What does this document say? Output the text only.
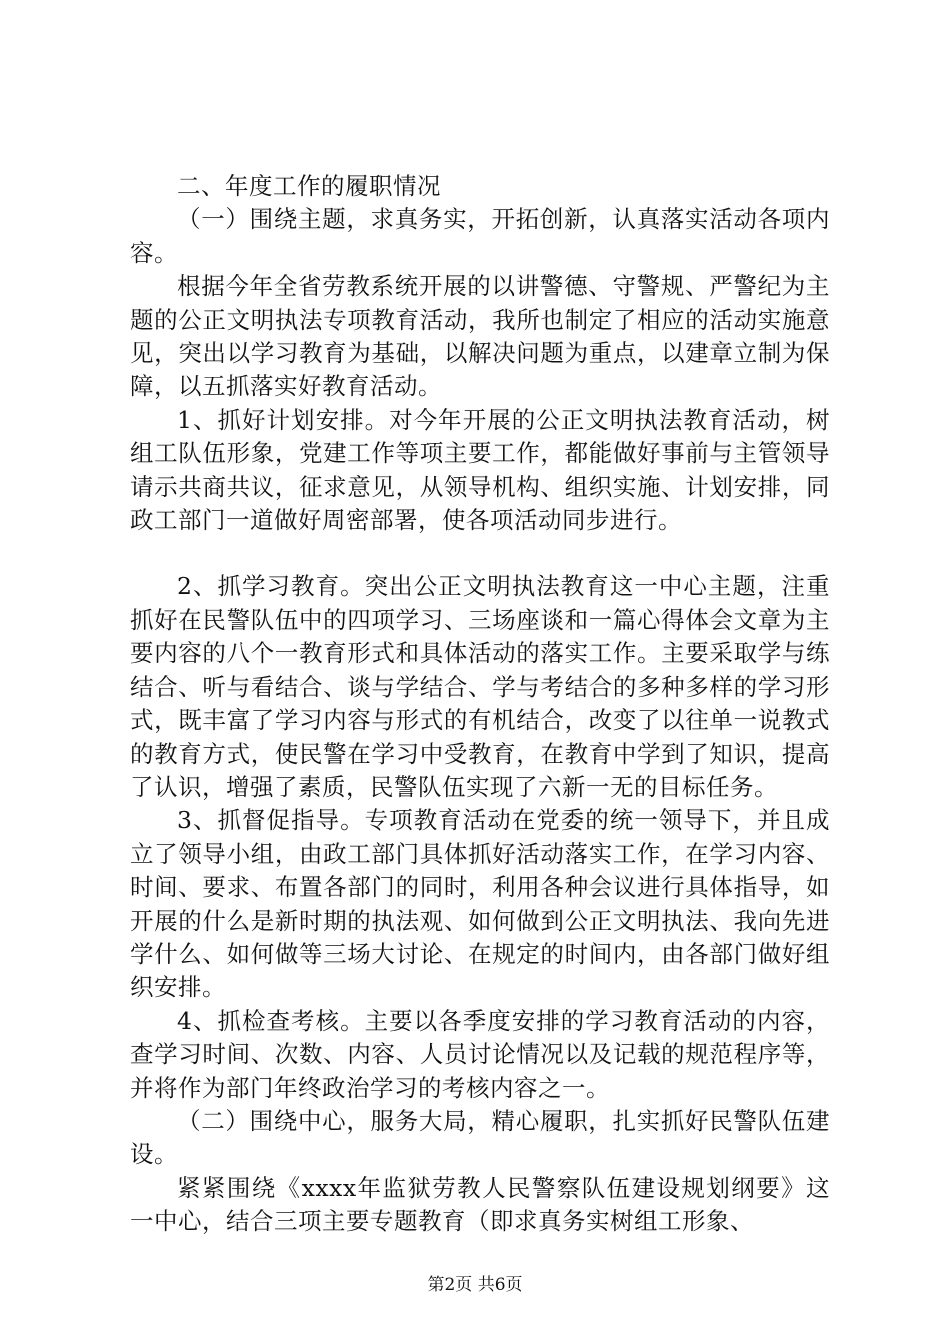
二、年度工作的履职情况

（一）围绕主题，求真务实，开拓创新，认真落实活动各项内容。

根据今年全省劳教系统开展的以讲警德、守警规、严警纪为主题的公正文明执法专项教育活动，我所也制定了相应的活动实施意见，突出以学习教育为基础，以解决问题为重点，以建章立制为保障，以五抓落实好教育活动。

1、抓好计划安排。对今年开展的公正文明执法教育活动，树组工队伍形象，党建工作等项主要工作，都能做好事前与主管领导请示共商共议，征求意见，从领导机构、组织实施、计划安排，同政工部门一道做好周密部署，使各项活动同步进行。

2、抓学习教育。突出公正文明执法教育这一中心主题，注重抓好在民警队伍中的四项学习、三场座谈和一篇心得体会文章为主要内容的八个一教育形式和具体活动的落实工作。主要采取学与练结合、听与看结合、谈与学结合、学与考结合的多种多样的学习形式，既丰富了学习内容与形式的有机结合，改变了以往单一说教式的教育方式，使民警在学习中受教育，在教育中学到了知识，提高了认识，增强了素质，民警队伍实现了六新一无的目标任务。

3、抓督促指导。专项教育活动在党委的统一领导下，并且成立了领导小组，由政工部门具体抓好活动落实工作，在学习内容、时间、要求、布置各部门的同时，利用各种会议进行具体指导，如开展的什么是新时期的执法观、如何做到公正文明执法、我向先进学什么、如何做等三场大讨论、在规定的时间内，由各部门做好组织安排。

4、抓检查考核。主要以各季度安排的学习教育活动的内容，查学习时间、次数、内容、人员讨论情况以及记载的规范程序等，并将作为部门年终政治学习的考核内容之一。

（二）围绕中心，服务大局，精心履职，扎实抓好民警队伍建设。

紧紧围绕《xxxx年监狱劳教人民警察队伍建设规划纲要》这一中心，结合三项主要专题教育（即求真务实树组工形象、

第2页 共6页
